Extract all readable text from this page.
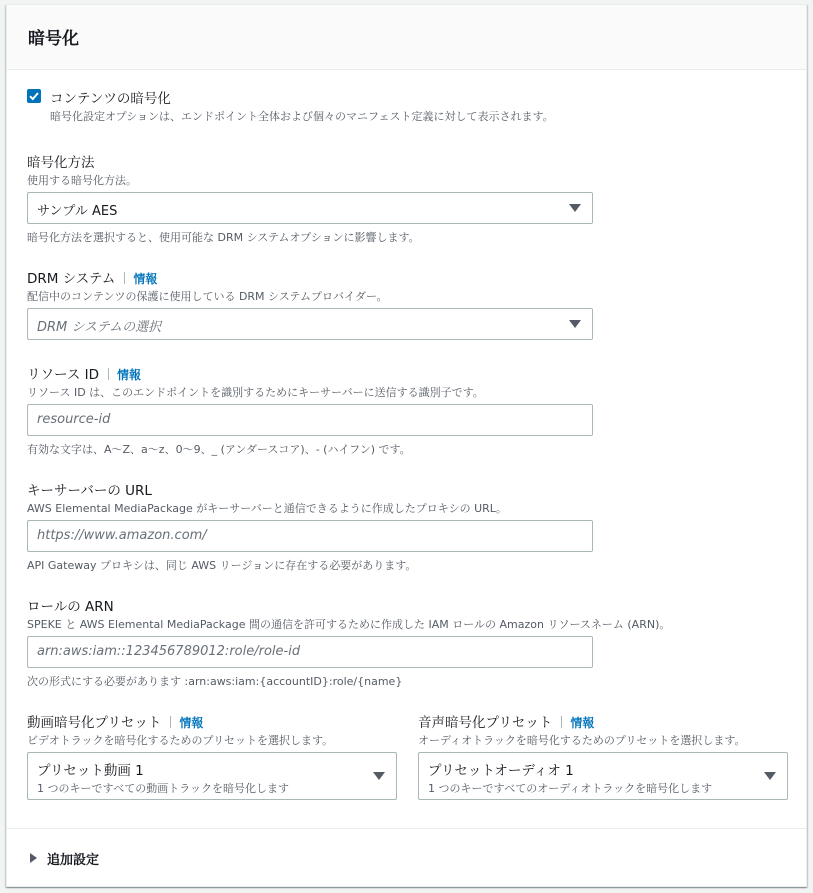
暗号化
コンテンツの暗号化
暗号化設定オプションは、エンドポイント全体および個々のマニフェスト定義に対して表示されます。
暗号化方法
使用する暗号化方法。
サンプル AES
暗号化方法を選択すると、使用可能な DRM システムオプションに影響します。
DRM システム 情報
配信中のコンテンツの保護に使用している DRM システムプロバイダー。
DRM システムの選択
リソース ID 情報
リソース ID は、このエンドポイントを識別するためにキーサーバーに送信する識別子です。
resource-id
有効な文字は、A～Z、a～z、0～9、_ (アンダースコア)、- (ハイフン) です。
キーサーバーの URL
AWS Elemental MediaPackage がキーサーバーと通信できるように作成したプロキシの URL。
https://www.amazon.com/
API Gateway プロキシは、同じ AWS リージョンに存在する必要があります。
ロールの ARN
SPEKE と AWS Elemental MediaPackage 間の通信を許可するために作成した IAM ロールの Amazon リソースネーム (ARN)。
arn:aws:iam::123456789012:role/role-id
次の形式にする必要があります :arn:aws:iam:{accountID}:role/{name}
動画暗号化プリセット 情報
ビデオトラックを暗号化するためのプリセットを選択します。
プリセット動画 1
1 つのキーですべての動画トラックを暗号化します
音声暗号化プリセット 情報
オーディオトラックを暗号化するためのプリセットを選択します。
プリセットオーディオ 1
1 つのキーですべてのオーディオトラックを暗号化します
追加設定
